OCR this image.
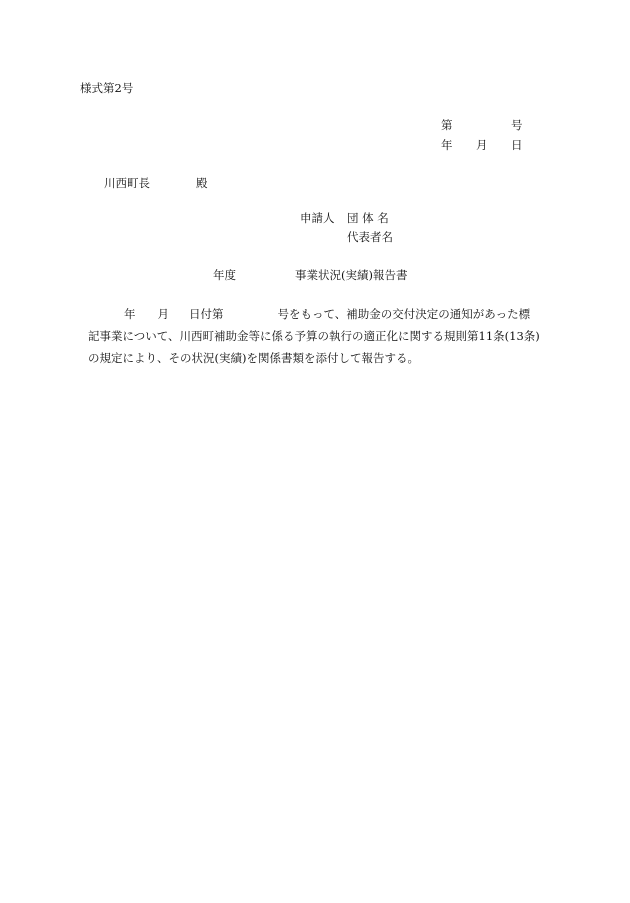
様式第2号
第	号
年 月 日
川西町長	殿
申請人 団 体 名
代表者名
年度	事業状況(実績)報告書
年 月 日付第	号をもって、補助金の交付決定の通知があった標
記事業について、川西町補助金等に係る予算の執行の適正化に関する規則第11条(13条)
の規定により、その状況(実績)を関係書類を添付して報告する。
